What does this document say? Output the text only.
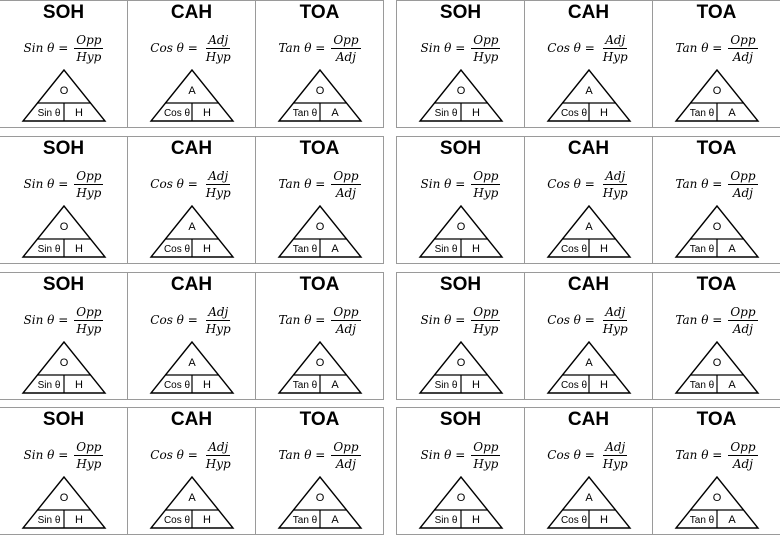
SOH
Sin $\theta = \frac{\text{Opp}}{\text{Hyp}}$
O
Sin θ H
CAH
Cos $\theta = \frac{\text{Adj}}{\text{Hyp}}$
A
Cos θ H
TOA
Tan $\theta = \frac{\text{Opp}}{\text{Adj}}$
O
Tan θ A
SOH
Sin $\theta = \frac{\text{Opp}}{\text{Hyp}}$
O
Sin θ H
CAH
Cos $\theta = \frac{\text{Adj}}{\text{Hyp}}$
A
Cos θ H
TOA
Tan $\theta = \frac{\text{Opp}}{\text{Adj}}$
O
Tan θ A
SOH
Sin $\theta = \frac{\text{Opp}}{\text{Hyp}}$
O
Sin θ H
CAH
Cos $\theta = \frac{\text{Adj}}{\text{Hyp}}$
A
Cos θ H
TOA
Tan $\theta = \frac{\text{Opp}}{\text{Adj}}$
O
Tan θ A
SOH
Sin $\theta = \frac{\text{Opp}}{\text{Hyp}}$
O
Sin θ H
CAH
Cos $\theta = \frac{\text{Adj}}{\text{Hyp}}$
A
Cos θ H
TOA
Tan $\theta = \frac{\text{Opp}}{\text{Adj}}$
O
Tan θ A
SOH
Sin $\theta = \frac{\text{Opp}}{\text{Hyp}}$
O
Sin θ H
CAH
Cos $\theta = \frac{\text{Adj}}{\text{Hyp}}$
A
Cos θ H
TOA
Tan $\theta = \frac{\text{Opp}}{\text{Adj}}$
O
Tan θ A
SOH
Sin $\theta = \frac{\text{Opp}}{\text{Hyp}}$
O
Sin θ H
CAH
Cos $\theta = \frac{\text{Adj}}{\text{Hyp}}$
A
Cos θ H
TOA
Tan $\theta = \frac{\text{Opp}}{\text{Adj}}$
O
Tan θ A
SOH
Sin $\theta = \frac{\text{Opp}}{\text{Hyp}}$
O
Sin θ H
CAH
Cos $\theta = \frac{\text{Adj}}{\text{Hyp}}$
A
Cos θ H
TOA
Tan $\theta = \frac{\text{Opp}}{\text{Adj}}$
O
Tan θ A
SOH
Sin $\theta = \frac{\text{Opp}}{\text{Hyp}}$
O
Sin θ H
CAH
Cos $\theta = \frac{\text{Adj}}{\text{Hyp}}$
A
Cos θ H
TOA
Tan $\theta = \frac{\text{Opp}}{\text{Adj}}$
O
Tan θ A
